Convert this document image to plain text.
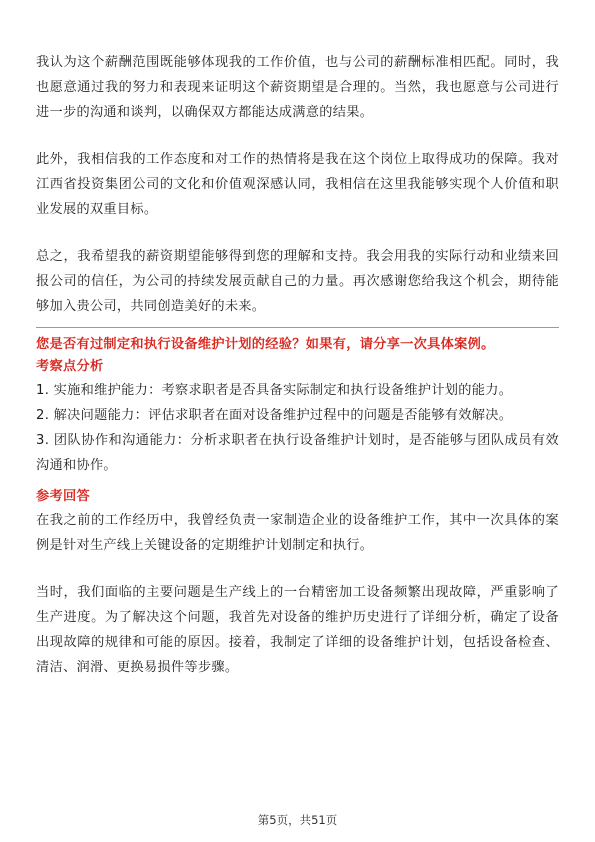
我认为这个薪酬范围既能够体现我的工作价值，也与公司的薪酬标准相匹配。同时，我也愿意通过我的努力和表现来证明这个薪资期望是合理的。当然，我也愿意与公司进行进一步的沟通和谈判，以确保双方都能达成满意的结果。

此外，我相信我的工作态度和对工作的热情将是我在这个岗位上取得成功的保障。我对江西省投资集团公司的文化和价值观深感认同，我相信在这里我能够实现个人价值和职业发展的双重目标。

总之，我希望我的薪资期望能够得到您的理解和支持。我会用我的实际行动和业绩来回报公司的信任，为公司的持续发展贡献自己的力量。再次感谢您给我这个机会，期待能够加入贵公司，共同创造美好的未来。

您是否有过制定和执行设备维护计划的经验？如果有，请分享一次具体案例。

考察点分析

1. 实施和维护能力：考察求职者是否具备实际制定和执行设备维护计划的能力。
2. 解决问题能力：评估求职者在面对设备维护过程中的问题是否能够有效解决。
3. 团队协作和沟通能力：分析求职者在执行设备维护计划时，是否能够与团队成员有效沟通和协作。

参考回答

在我之前的工作经历中，我曾经负责一家制造企业的设备维护工作，其中一次具体的案例是针对生产线上关键设备的定期维护计划制定和执行。

当时，我们面临的主要问题是生产线上的一台精密加工设备频繁出现故障，严重影响了生产进度。为了解决这个问题，我首先对设备的维护历史进行了详细分析，确定了设备出现故障的规律和可能的原因。接着，我制定了详细的设备维护计划，包括设备检查、清洁、润滑、更换易损件等步骤。

第5页，共51页
